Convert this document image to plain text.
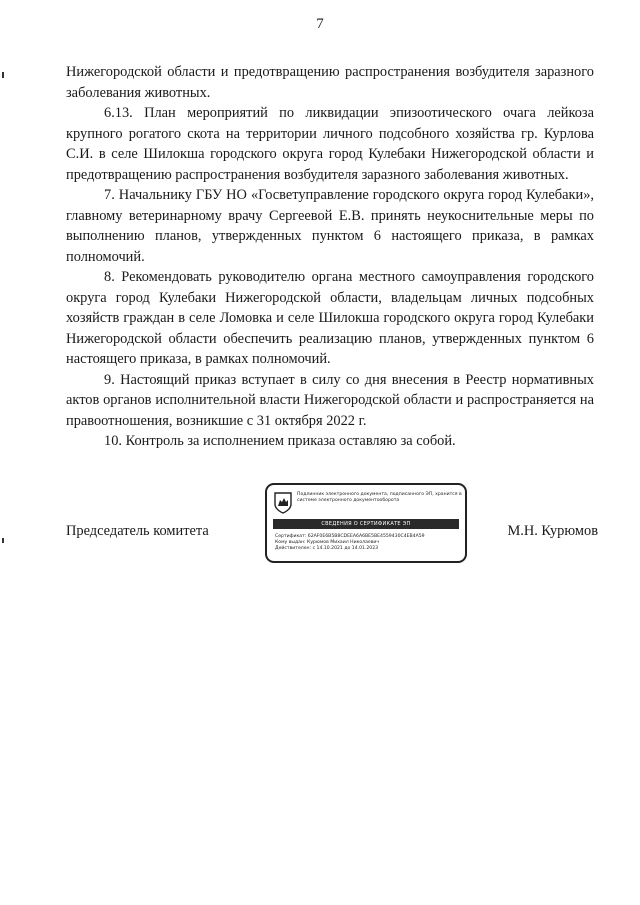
7

Нижегородской области и предотвращению распространения возбудителя заразного заболевания животных.

6.13. План мероприятий по ликвидации эпизоотического очага лейкоза крупного рогатого скота на территории личного подсобного хозяйства гр. Курлова С.И. в селе Шилокша городского округа город Кулебаки Нижегородской области и предотвращению распространения возбудителя заразного заболевания животных.

7. Начальнику ГБУ НО «Госветуправление городского округа город Кулебаки», главному ветеринарному врачу Сергеевой Е.В. принять неукоснительные меры по выполнению планов, утвержденных пунктом 6 настоящего приказа, в рамках полномочий.

8. Рекомендовать руководителю органа местного самоуправления городского округа город Кулебаки Нижегородской области, владельцам личных подсобных хозяйств граждан в селе Ломовка и селе Шилокша городского округа город Кулебаки Нижегородской области обеспечить реализацию планов, утвержденных пунктом 6 настоящего приказа, в рамках полномочий.

9. Настоящий приказ вступает в силу со дня внесения в Реестр нормативных актов органов исполнительной власти Нижегородской области и распространяется на правоотношения, возникшие с 31 октября 2022 г.

10. Контроль за исполнением приказа оставляю за собой.

Председатель комитета	М.Н. Курюмов
Подлинник электронного документа, подписанного ЭП, хранится в системе электронного документооборота
СВЕДЕНИЯ О СЕРТИФИКАТЕ ЭП
Сертификат: 62AF0E6B5B8CDEEA6A6BE5BE4559430C4EB4A59
Кому выдан: Курюмов Михаил Николаевич
Действителен: с 14.10.2021 до 14.01.2023
